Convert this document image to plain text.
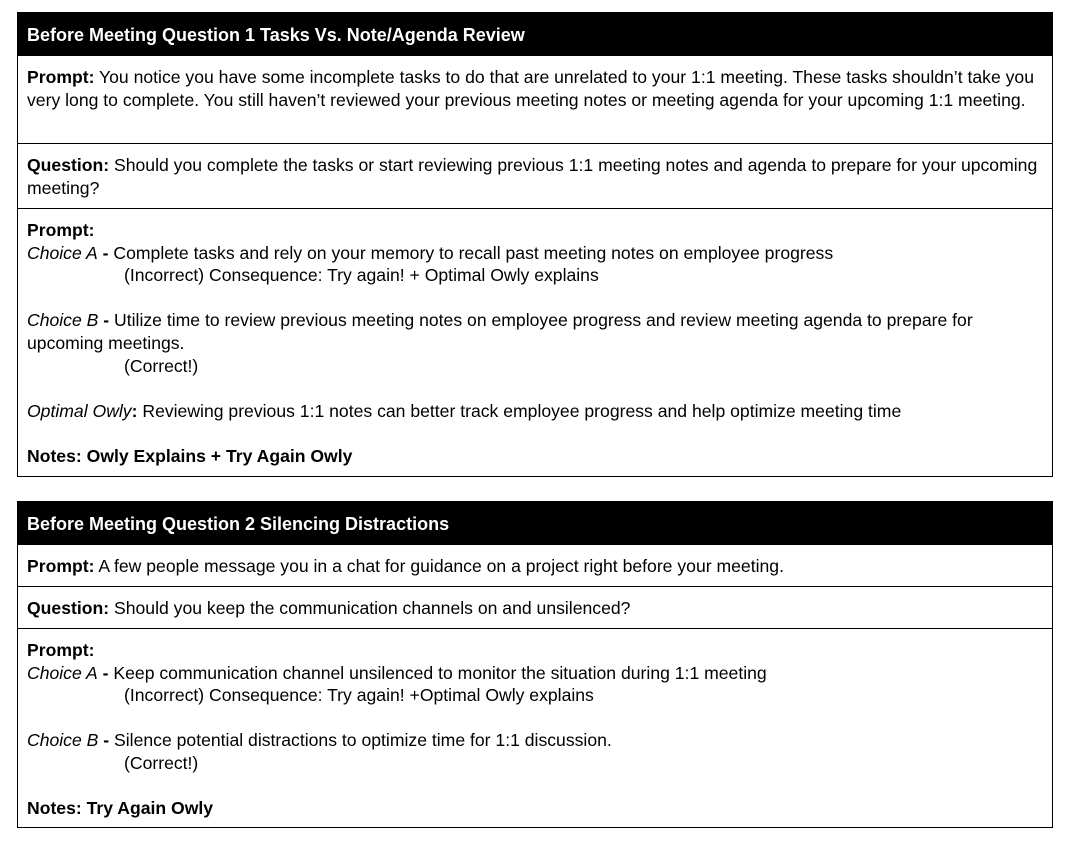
Before Meeting Question 1 Tasks Vs. Note/Agenda Review

Prompt: You notice you have some incomplete tasks to do that are unrelated to your 1:1 meeting. These tasks shouldn’t take you very long to complete. You still haven’t reviewed your previous meeting notes or meeting agenda for your upcoming 1:1 meeting.

Question: Should you complete the tasks or start reviewing previous 1:1 meeting notes and agenda to prepare for your upcoming meeting?

Prompt:

Choice A - Complete tasks and rely on your memory to recall past meeting notes on employee progress

(Incorrect) Consequence: Try again! + Optimal Owly explains

Choice B - Utilize time to review previous meeting notes on employee progress and review meeting agenda to prepare for upcoming meetings.

(Correct!)

Optimal Owly: Reviewing previous 1:1 notes can better track employee progress and help optimize meeting time

Notes: Owly Explains + Try Again Owly

Before Meeting Question 2 Silencing Distractions

Prompt: A few people message you in a chat for guidance on a project right before your meeting.

Question: Should you keep the communication channels on and unsilenced?

Prompt:

Choice A - Keep communication channel unsilenced to monitor the situation during 1:1 meeting

(Incorrect) Consequence: Try again! +Optimal Owly explains

Choice B - Silence potential distractions to optimize time for 1:1 discussion.

(Correct!)

Notes: Try Again Owly
